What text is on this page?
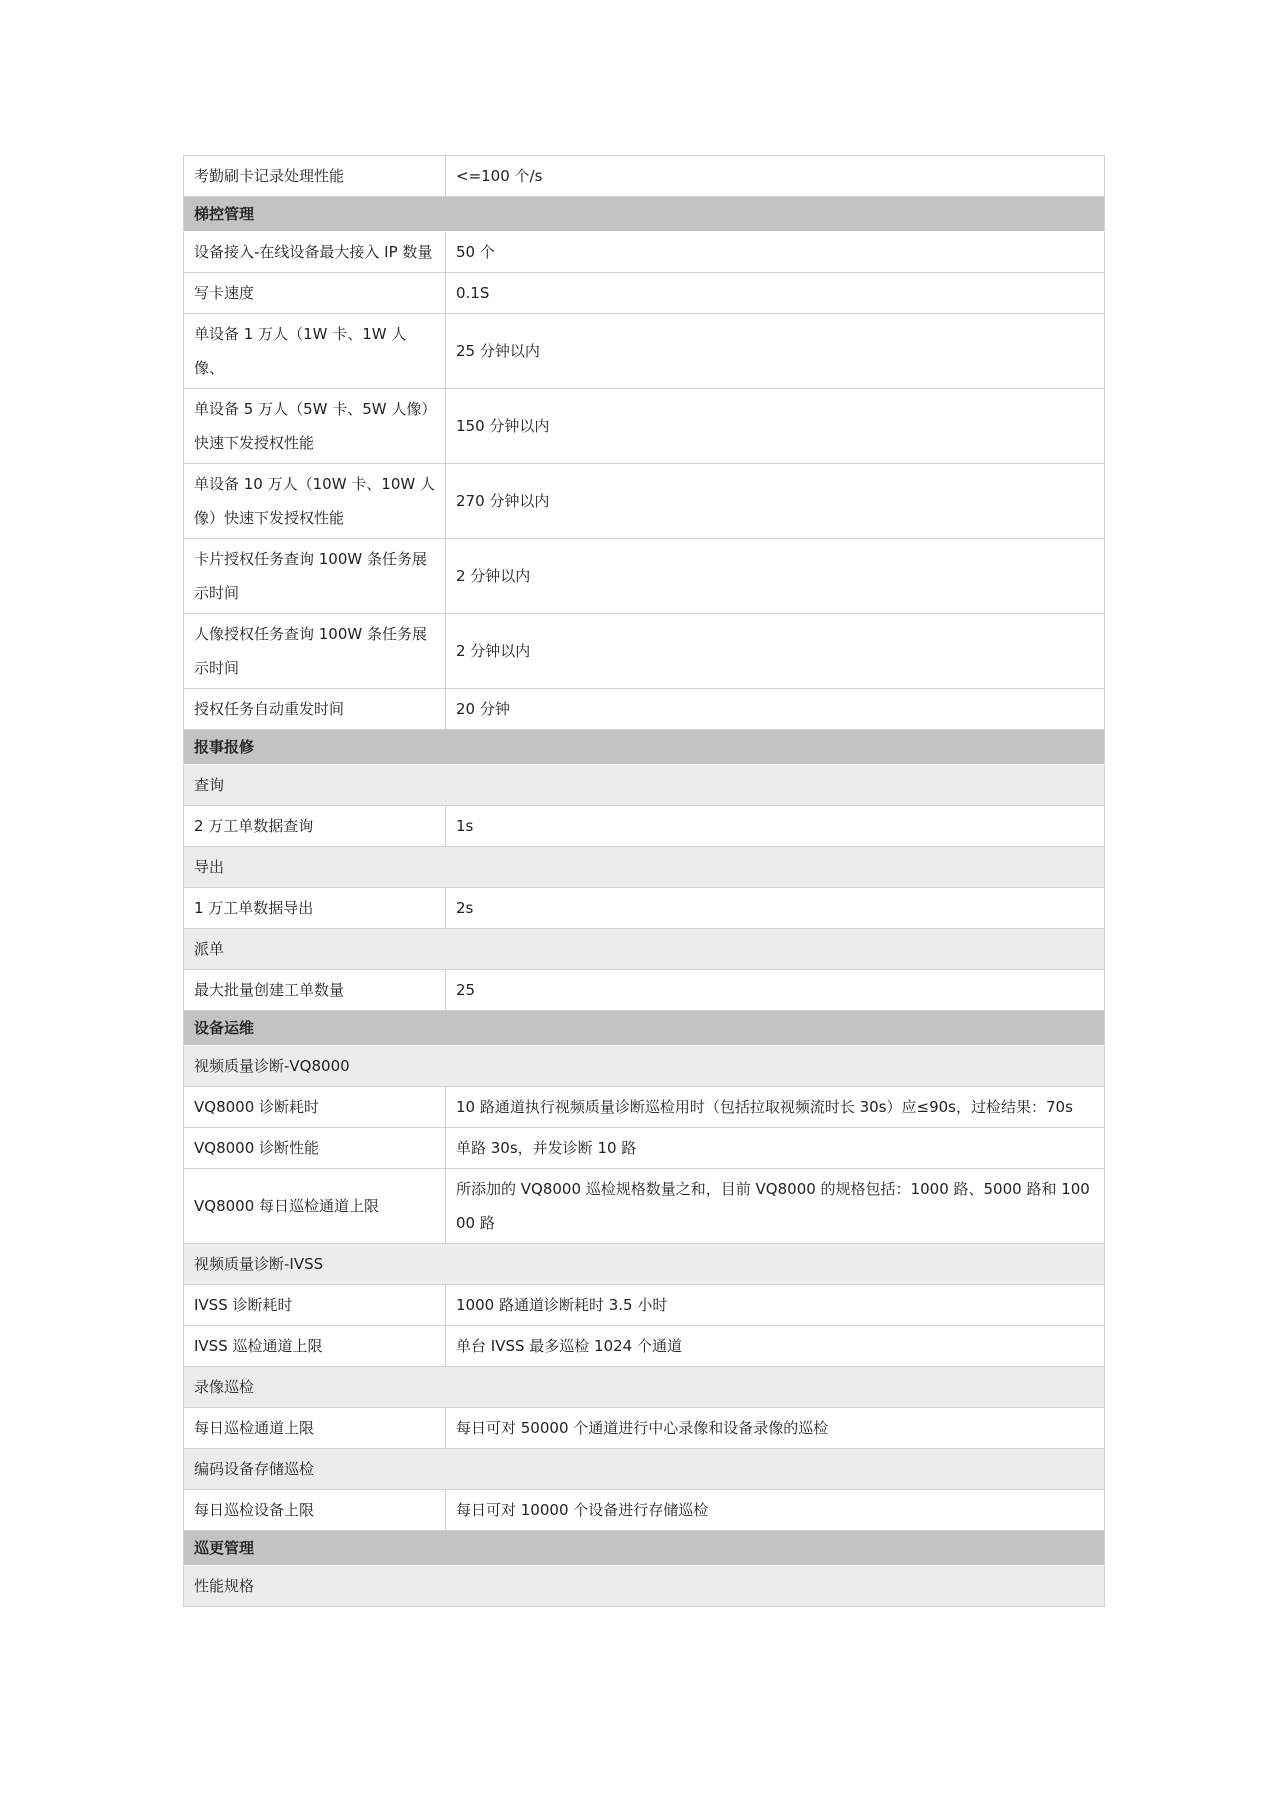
考勤刷卡记录处理性能	<=100 个/s
梯控管理	
设备接入-在线设备最大接入 IP 数量	50 个
写卡速度	0.1S
单设备 1 万人（1W 卡、1W 人像、	25 分钟以内
单设备 5 万人（5W 卡、5W 人像）快速下发授权性能	150 分钟以内
单设备 10 万人（10W 卡、10W 人像）快速下发授权性能	270 分钟以内
卡片授权任务查询 100W 条任务展示时间	2 分钟以内
人像授权任务查询 100W 条任务展示时间	2 分钟以内
授权任务自动重发时间	20 分钟
报事报修	
查询	
2 万工单数据查询	1s
导出	
1 万工单数据导出	2s
派单	
最大批量创建工单数量	25
设备运维	
视频质量诊断-VQ8000	
VQ8000 诊断耗时	10 路通道执行视频质量诊断巡检用时（包括拉取视频流时长 30s）应≤90s，过检结果：70s
VQ8000 诊断性能	单路 30s，并发诊断 10 路
VQ8000 每日巡检通道上限	所添加的 VQ8000 巡检规格数量之和，目前 VQ8000 的规格包括：1000 路、5000 路和 10000 路
视频质量诊断-IVSS	
IVSS 诊断耗时	1000 路通道诊断耗时 3.5 小时
IVSS 巡检通道上限	单台 IVSS 最多巡检 1024 个通道
录像巡检	
每日巡检通道上限	每日可对 50000 个通道进行中心录像和设备录像的巡检
编码设备存储巡检	
每日巡检设备上限	每日可对 10000 个设备进行存储巡检
巡更管理	
性能规格	
